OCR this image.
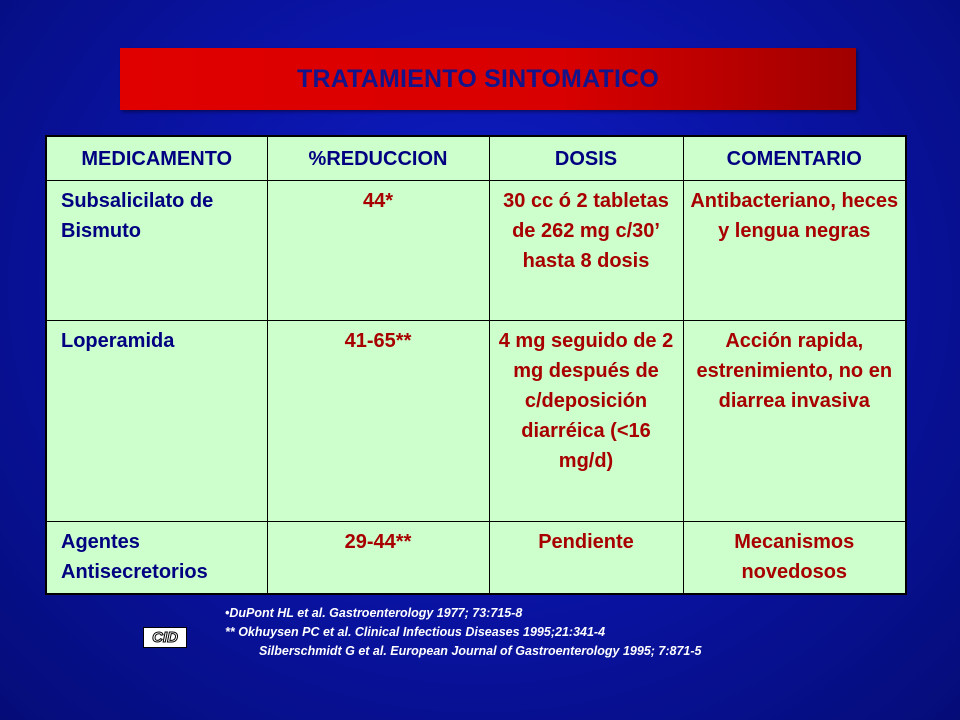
TRATAMIENTO SINTOMATICO
MEDICAMENTO	%REDUCCION	DOSIS	COMENTARIO
Subsalicilato de Bismuto	44*	30 cc ó 2 tabletas de 262 mg c/30’ hasta 8 dosis	Antibacteriano, heces y lengua negras
Loperamida	41-65**	4 mg seguido de 2 mg después de c/deposición diarréica (<16 mg/d)	Acción rapida, estrenimiento, no en diarrea invasiva
Agentes Antisecretorios	29-44**	Pendiente	Mecanismos novedosos
CID
•DuPont HL et al. Gastroenterology 1977; 73:715-8
** Okhuysen PC et al. Clinical Infectious Diseases 1995;21:341-4
Silberschmidt G et al. European Journal of Gastroenterology 1995; 7:871-5
